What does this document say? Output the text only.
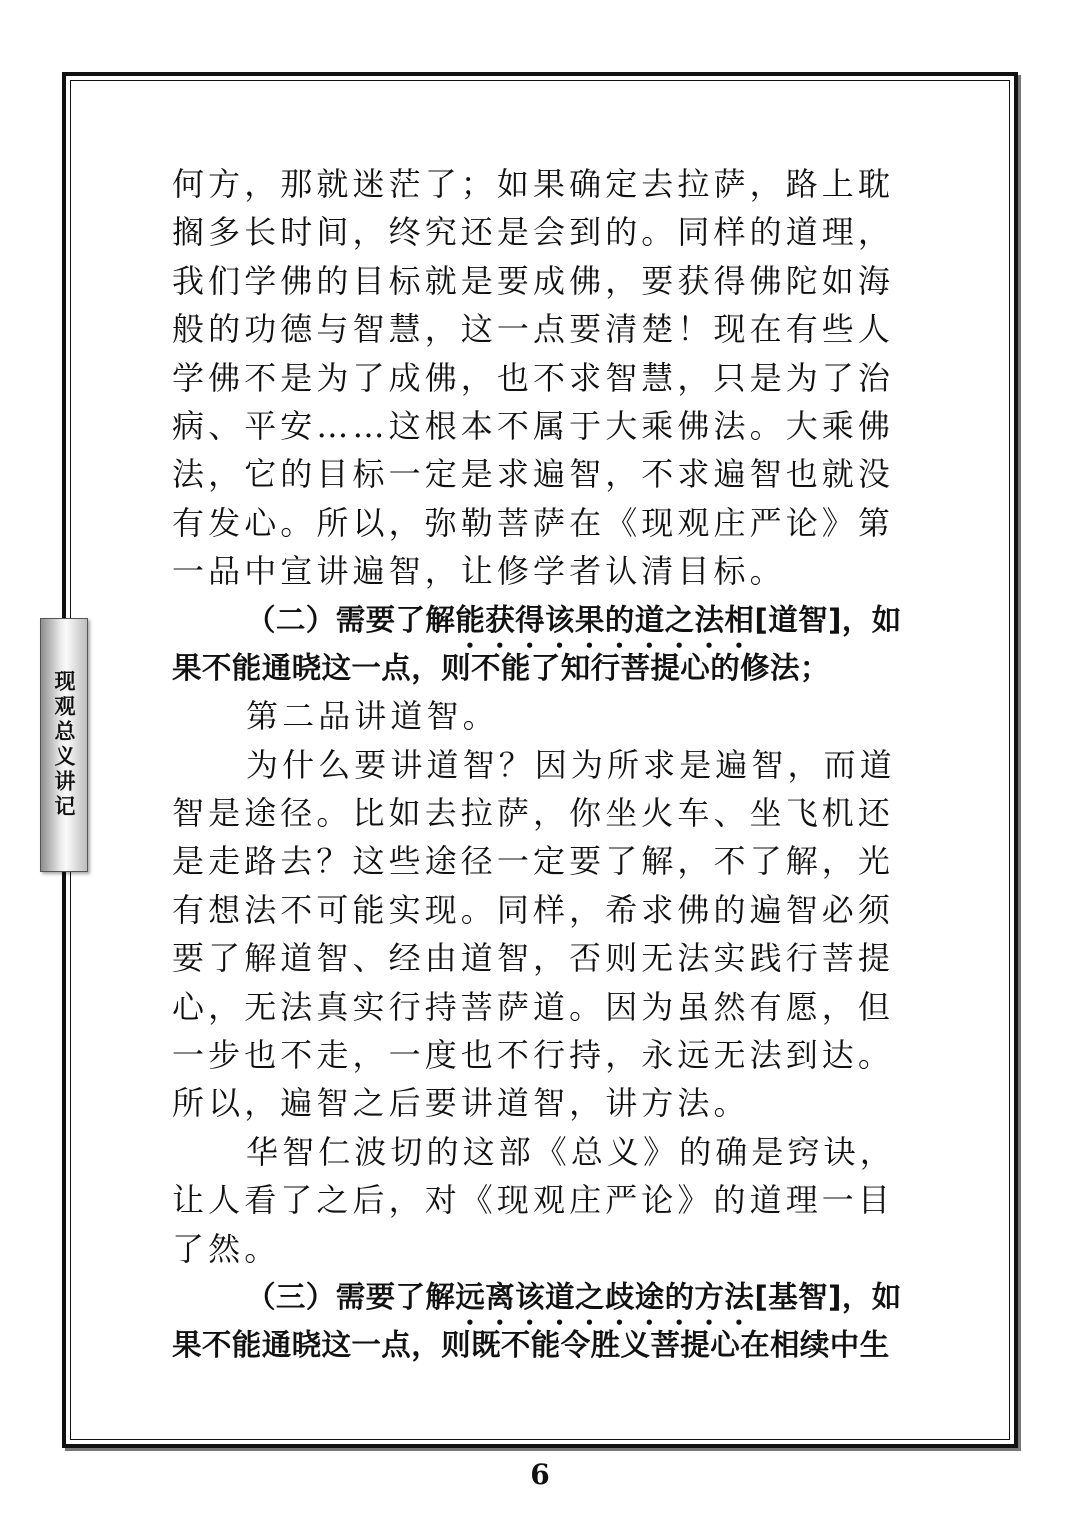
现观总义讲记
何方，那就迷茫了；如果确定去拉萨，路上耽
搁多长时间，终究还是会到的。同样的道理，
我们学佛的目标就是要成佛，要获得佛陀如海
般的功德与智慧，这一点要清楚！现在有些人
学佛不是为了成佛，也不求智慧，只是为了治
病、平安……这根本不属于大乘佛法。大乘佛
法，它的目标一定是求遍智，不求遍智也就没
有发心。所以，弥勒菩萨在《现观庄严论》第
一品中宣讲遍智，让修学者认清目标。
（二）需要了解能获得该果的道之法相[道智]，如
果不能通晓这一点，则不能了知行菩提心的修法；
第二品讲道智。
为什么要讲道智？因为所求是遍智，而道
智是途径。比如去拉萨，你坐火车、坐飞机还
是走路去？这些途径一定要了解，不了解，光
有想法不可能实现。同样，希求佛的遍智必须
要了解道智、经由道智，否则无法实践行菩提
心，无法真实行持菩萨道。因为虽然有愿，但
一步也不走，一度也不行持，永远无法到达。
所以，遍智之后要讲道智，讲方法。
华智仁波切的这部《总义》的确是窍诀，
让人看了之后，对《现观庄严论》的道理一目
了然。
（三）需要了解远离该道之歧途的方法[基智]，如
果不能通晓这一点，则既不能令胜义菩提心在相续中生
6
